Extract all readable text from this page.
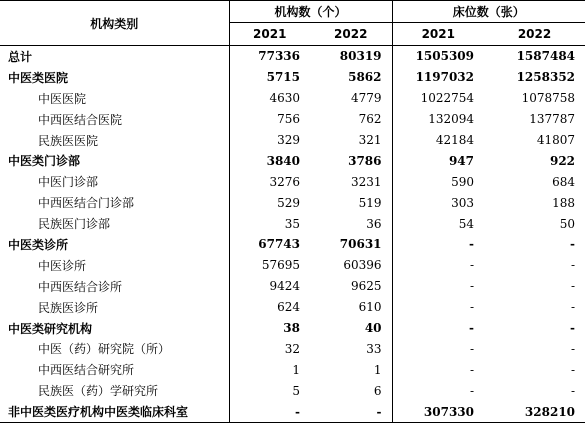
机构类别	机构数（个）		床位数（张）	
	2021	2022	2021	2022
总计	77336	80319	1505309	1587484
中医类医院	5715	5862	1197032	1258352
中医医院	4630	4779	1022754	1078758
中西医结合医院	756	762	132094	137787
民族医医院	329	321	42184	41807
中医类门诊部	3840	3786	947	922
中医门诊部	3276	3231	590	684
中西医结合门诊部	529	519	303	188
民族医门诊部	35	36	54	50
中医类诊所	67743	70631	-	-
中医诊所	57695	60396	-	-
中西医结合诊所	9424	9625	-	-
民族医诊所	624	610	-	-
中医类研究机构	38	40	-	-
中医（药）研究院（所）	32	33	-	-
中西医结合研究所	1	1	-	-
民族医（药）学研究所	5	6	-	-
非中医类医疗机构中医类临床科室	-	-	307330	328210
